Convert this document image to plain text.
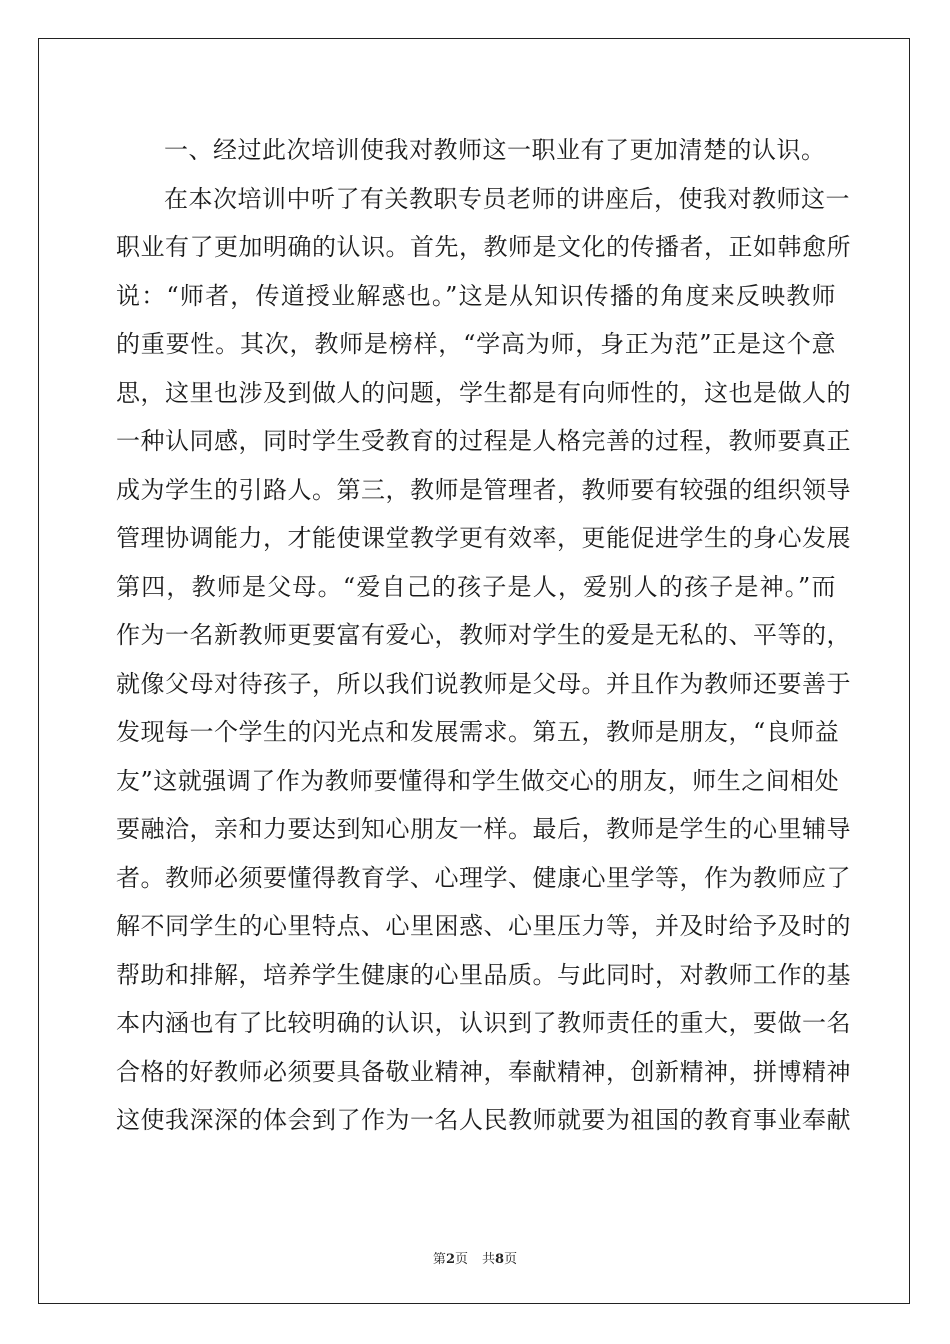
一、经过此次培训使我对教师这一职业有了更加清楚的认识。
在本次培训中听了有关教职专员老师的讲座后，使我对教师这一
职业有了更加明确的认识。首先，教师是文化的传播者，正如韩愈所
说：“师者，传道授业解惑也。”这是从知识传播的角度来反映教师
的重要性。其次，教师是榜样，“学高为师，身正为范”正是这个意
思，这里也涉及到做人的问题，学生都是有向师性的，这也是做人的
一种认同感，同时学生受教育的过程是人格完善的过程，教师要真正
成为学生的引路人。第三，教师是管理者，教师要有较强的组织领导
管理协调能力，才能使课堂教学更有效率，更能促进学生的身心发展
第四，教师是父母。“爱自己的孩子是人，爱别人的孩子是神。”而
作为一名新教师更要富有爱心，教师对学生的爱是无私的、平等的，
就像父母对待孩子，所以我们说教师是父母。并且作为教师还要善于
发现每一个学生的闪光点和发展需求。第五，教师是朋友，“良师益
友”这就强调了作为教师要懂得和学生做交心的朋友，师生之间相处
要融洽，亲和力要达到知心朋友一样。最后，教师是学生的心里辅导
者。教师必须要懂得教育学、心理学、健康心里学等，作为教师应了
解不同学生的心里特点、心里困惑、心里压力等，并及时给予及时的
帮助和排解，培养学生健康的心里品质。与此同时，对教师工作的基
本内涵也有了比较明确的认识，认识到了教师责任的重大，要做一名
合格的好教师必须要具备敬业精神，奉献精神，创新精神，拼博精神
这使我深深的体会到了作为一名人民教师就要为祖国的教育事业奉献
第2页 共8页
